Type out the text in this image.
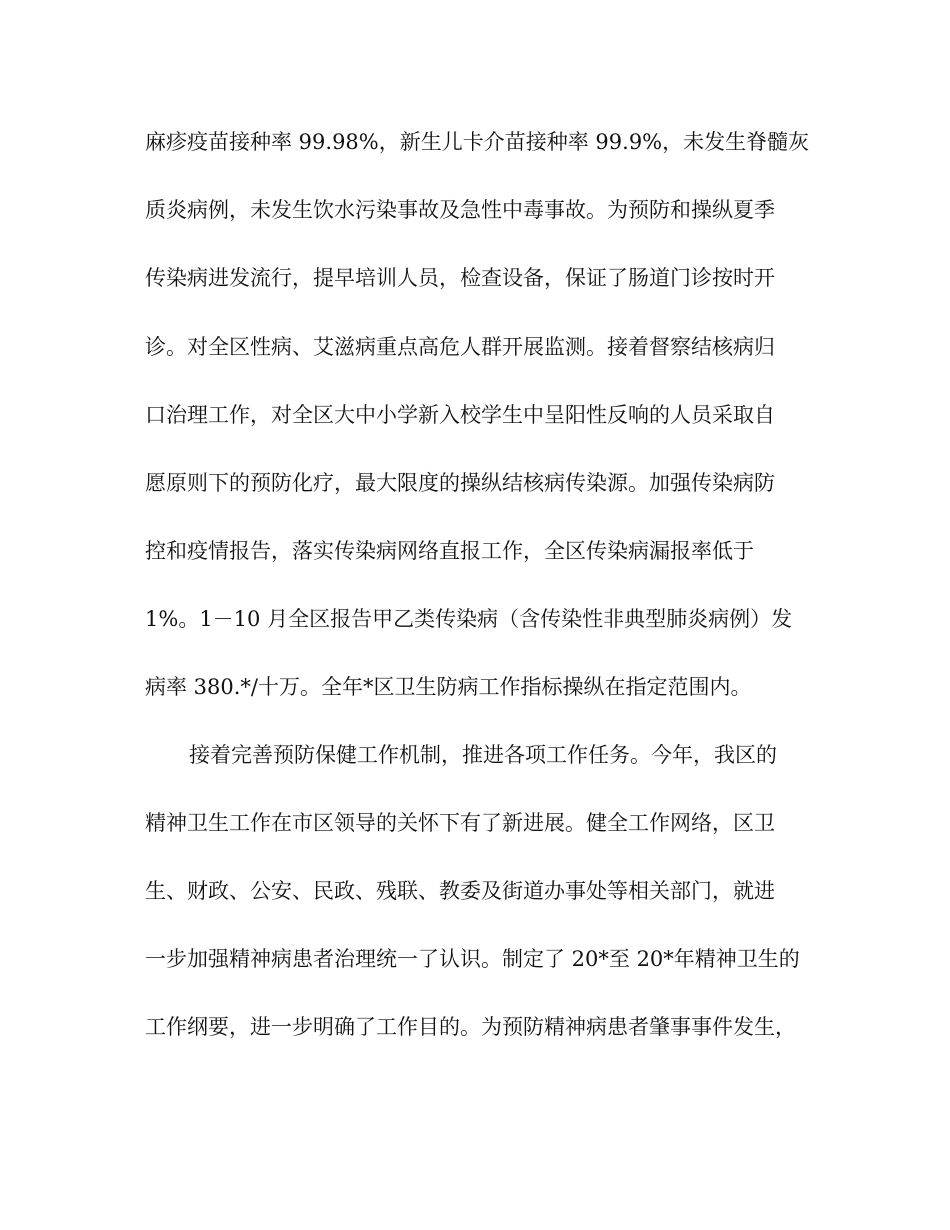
麻疹疫苗接种率 99.98%，新生儿卡介苗接种率 99.9%，未发生脊髓灰
质炎病例，未发生饮水污染事故及急性中毒事故。为预防和操纵夏季
传染病进发流行，提早培训人员，检查设备，保证了肠道门诊按时开
诊。对全区性病、艾滋病重点高危人群开展监测。接着督察结核病归
口治理工作，对全区大中小学新入校学生中呈阳性反响的人员采取自
愿原则下的预防化疗，最大限度的操纵结核病传染源。加强传染病防
控和疫情报告，落实传染病网络直报工作，全区传染病漏报率低于
1%。1－10 月全区报告甲乙类传染病（含传染性非典型肺炎病例）发
病率 380.*/十万。全年*区卫生防病工作指标操纵在指定范围内。
接着完善预防保健工作机制，推进各项工作任务。今年，我区的
精神卫生工作在市区领导的关怀下有了新进展。健全工作网络，区卫
生、财政、公安、民政、残联、教委及街道办事处等相关部门，就进
一步加强精神病患者治理统一了认识。制定了 20*至 20*年精神卫生的
工作纲要，进一步明确了工作目的。为预防精神病患者肇事事件发生，
